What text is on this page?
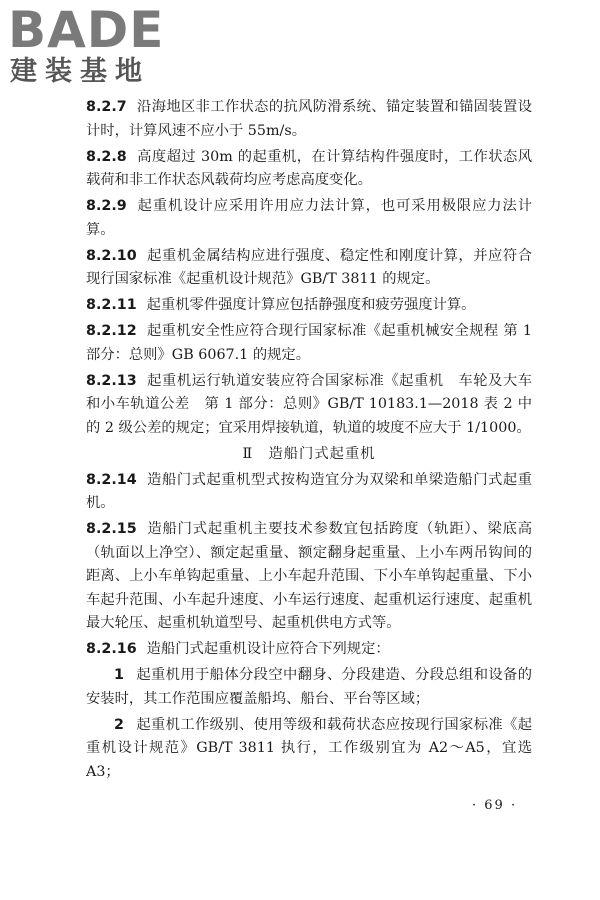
BADE
建装基地

8.2.7 沿海地区非工作状态的抗风防滑系统、锚定装置和锚固装置设计时，计算风速不应小于 55m/s。

8.2.8 高度超过 30m 的起重机，在计算结构件强度时，工作状态风载荷和非工作状态风载荷均应考虑高度变化。

8.2.9 起重机设计应采用许用应力法计算，也可采用极限应力法计算。

8.2.10 起重机金属结构应进行强度、稳定性和刚度计算，并应符合现行国家标准《起重机设计规范》GB/T 3811 的规定。

8.2.11 起重机零件强度计算应包括静强度和疲劳强度计算。

8.2.12 起重机安全性应符合现行国家标准《起重机械安全规程 第 1 部分：总则》GB 6067.1 的规定。

8.2.13 起重机运行轨道安装应符合国家标准《起重机　车轮及大车和小车轨道公差　第 1 部分：总则》GB/T 10183.1—2018 表 2 中的 2 级公差的规定；宜采用焊接轨道，轨道的坡度不应大于 1/1000。

Ⅱ　造船门式起重机

8.2.14 造船门式起重机型式按构造宜分为双梁和单梁造船门式起重机。

8.2.15 造船门式起重机主要技术参数宜包括跨度（轨距）、梁底高（轨面以上净空）、额定起重量、额定翻身起重量、上小车两吊钩间的距离、上小车单钩起重量、上小车起升范围、下小车单钩起重量、下小车起升范围、小车起升速度、小车运行速度、起重机运行速度、起重机最大轮压、起重机轨道型号、起重机供电方式等。

8.2.16 造船门式起重机设计应符合下列规定：

1 起重机用于船体分段空中翻身、分段建造、分段总组和设备的安装时，其工作范围应覆盖船坞、船台、平台等区域；

2 起重机工作级别、使用等级和载荷状态应按现行国家标准《起重机设计规范》GB/T 3811 执行，工作级别宜为 A2～A5，宜选 A3；

· 69 ·
